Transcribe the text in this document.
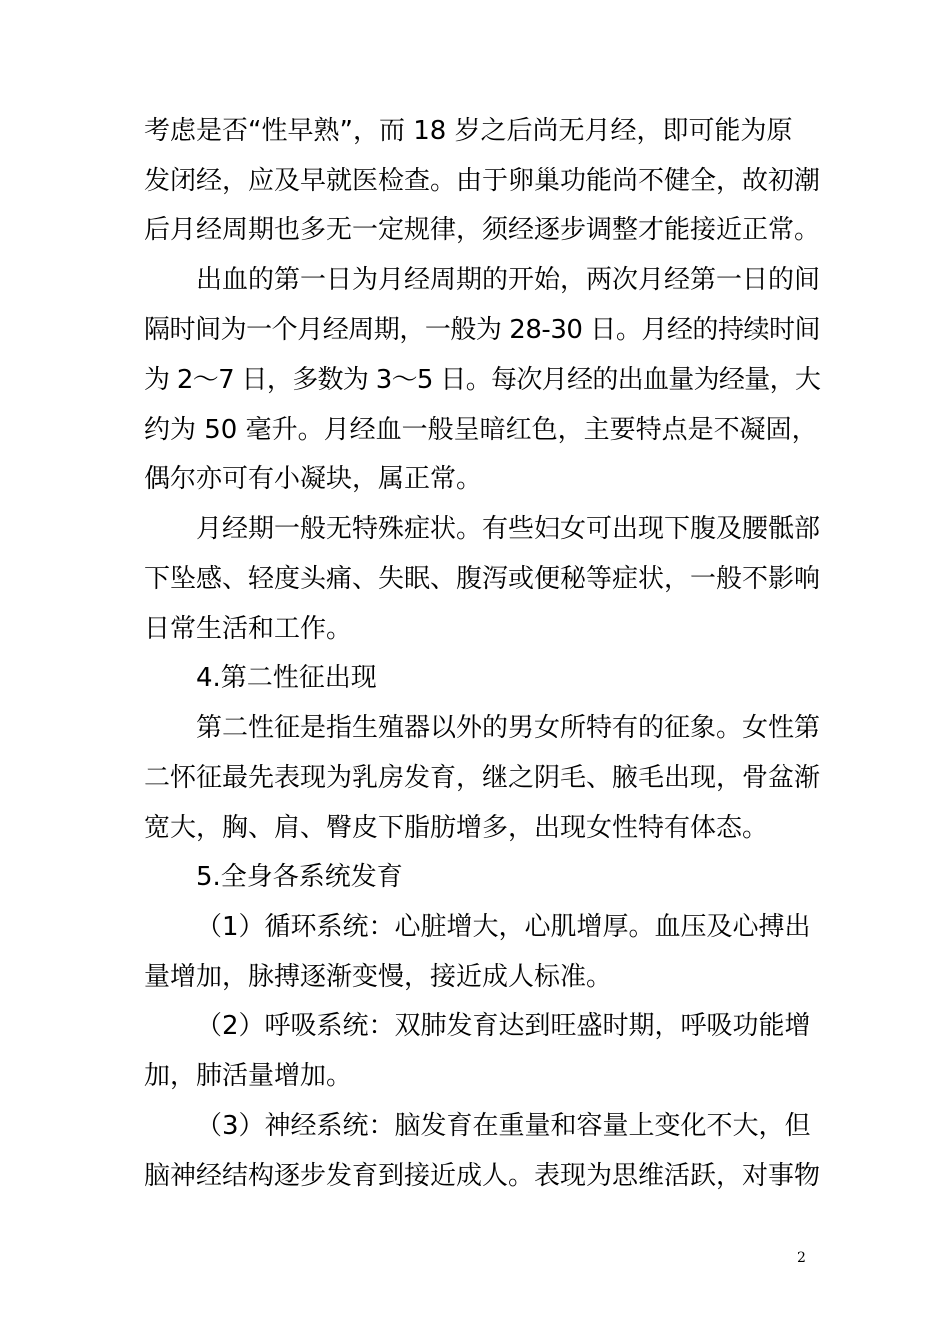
考虑是否“性早熟”，而 18 岁之后尚无月经，即可能为原
发闭经，应及早就医检查。由于卵巢功能尚不健全，故初潮
后月经周期也多无一定规律，须经逐步调整才能接近正常。
出血的第一日为月经周期的开始，两次月经第一日的间
隔时间为一个月经周期，一般为 28-30 日。月经的持续时间
为 2～7 日，多数为 3～5 日。每次月经的出血量为经量，大
约为 50 毫升。月经血一般呈暗红色，主要特点是不凝固，
偶尔亦可有小凝块，属正常。
月经期一般无特殊症状。有些妇女可出现下腹及腰骶部
下坠感、轻度头痛、失眠、腹泻或便秘等症状，一般不影响
日常生活和工作。
4.第二性征出现
第二性征是指生殖器以外的男女所特有的征象。女性第
二怀征最先表现为乳房发育，继之阴毛、腋毛出现，骨盆渐
宽大，胸、肩、臀皮下脂肪增多，出现女性特有体态。
5.全身各系统发育
（1）循环系统：心脏增大，心肌增厚。血压及心搏出
量增加，脉搏逐渐变慢，接近成人标准。
（2）呼吸系统：双肺发育达到旺盛时期，呼吸功能增
加，肺活量增加。
（3）神经系统：脑发育在重量和容量上变化不大，但
脑神经结构逐步发育到接近成人。表现为思维活跃，对事物
2
